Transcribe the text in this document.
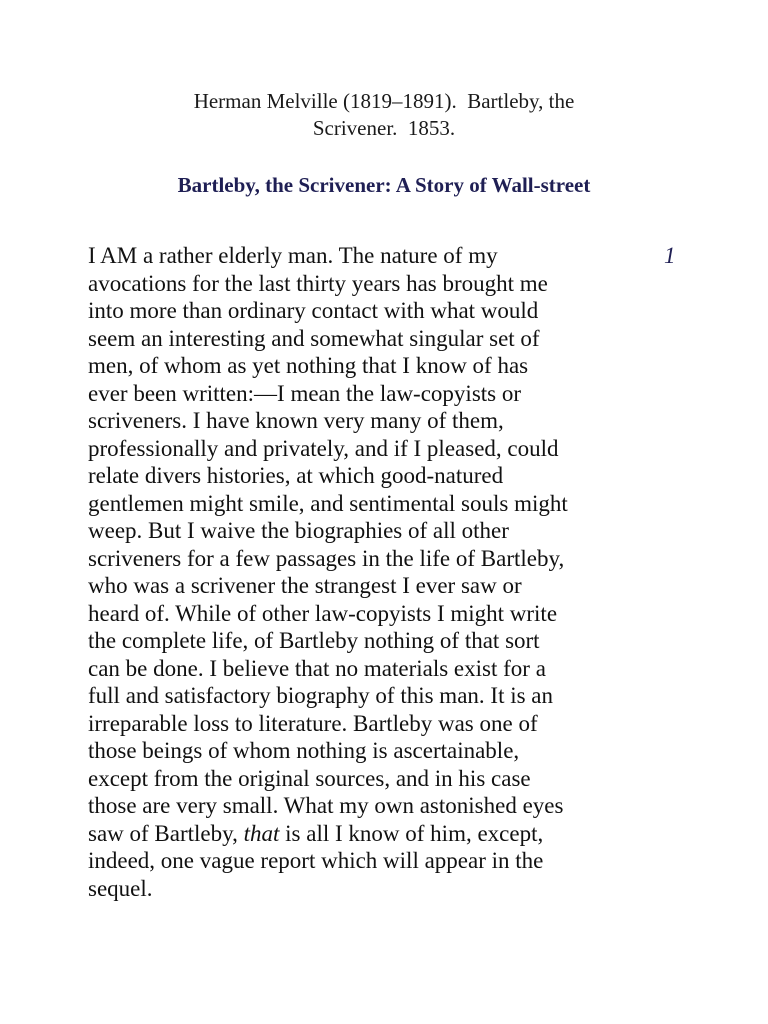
Herman Melville (1819–1891).  Bartleby, the
Scrivener.  1853.
Bartleby, the Scrivener: A Story of Wall-street
1
I AM a rather elderly man. The nature of my
avocations for the last thirty years has brought me
into more than ordinary contact with what would
seem an interesting and somewhat singular set of
men, of whom as yet nothing that I know of has
ever been written:—I mean the law-copyists or
scriveners. I have known very many of them,
professionally and privately, and if I pleased, could
relate divers histories, at which good-natured
gentlemen might smile, and sentimental souls might
weep. But I waive the biographies of all other
scriveners for a few passages in the life of Bartleby,
who was a scrivener the strangest I ever saw or
heard of. While of other law-copyists I might write
the complete life, of Bartleby nothing of that sort
can be done. I believe that no materials exist for a
full and satisfactory biography of this man. It is an
irreparable loss to literature. Bartleby was one of
those beings of whom nothing is ascertainable,
except from the original sources, and in his case
those are very small. What my own astonished eyes
saw of Bartleby, that is all I know of him, except,
indeed, one vague report which will appear in the
sequel.
